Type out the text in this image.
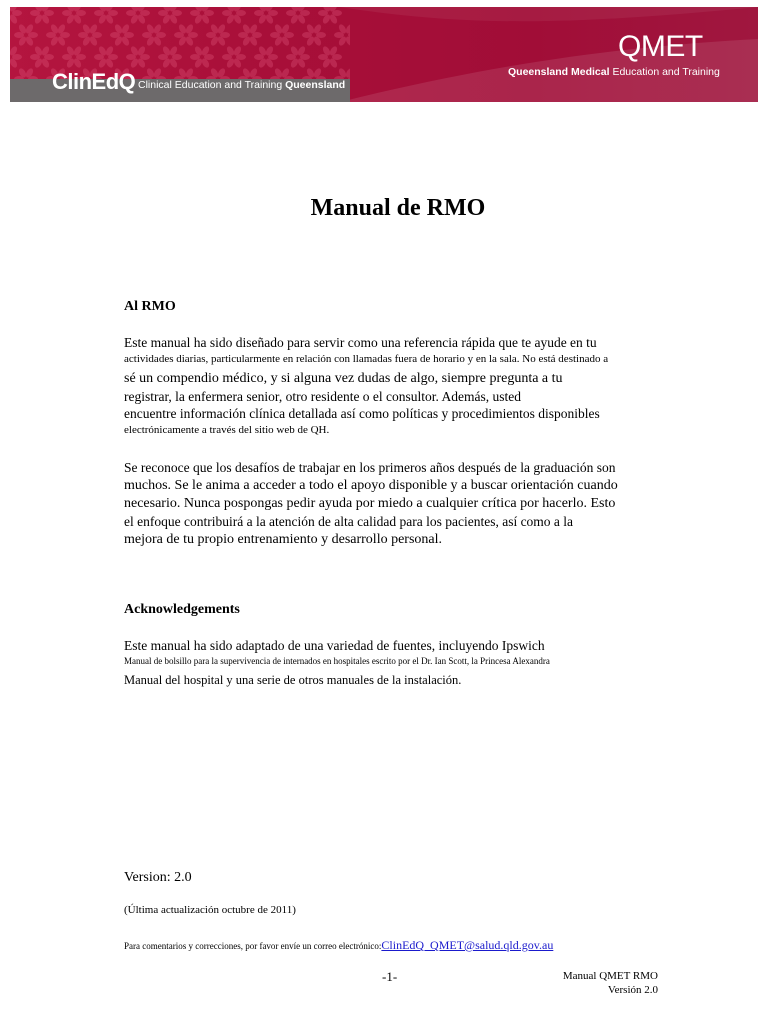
ClinEdQ Clinical Education and Training Queensland
QMET
Queensland Medical Education and Training
Manual de RMO
Al RMO
Este manual ha sido diseñado para servir como una referencia rápida que te ayude en tu
actividades diarias, particularmente en relación con llamadas fuera de horario y en la sala. No está destinado a
sé un compendio médico, y si alguna vez dudas de algo, siempre pregunta a tu
registrar, la enfermera senior, otro residente o el consultor. Además, usted
encuentre información clínica detallada así como políticas y procedimientos disponibles
electrónicamente a través del sitio web de QH.
Se reconoce que los desafíos de trabajar en los primeros años después de la graduación son
muchos. Se le anima a acceder a todo el apoyo disponible y a buscar orientación cuando
necesario. Nunca pospongas pedir ayuda por miedo a cualquier crítica por hacerlo. Esto
el enfoque contribuirá a la atención de alta calidad para los pacientes, así como a la
mejora de tu propio entrenamiento y desarrollo personal.
Acknowledgements
Este manual ha sido adaptado de una variedad de fuentes, incluyendo Ipswich
Manual de bolsillo para la supervivencia de internados en hospitales escrito por el Dr. Ian Scott, la Princesa Alexandra
Manual del hospital y una serie de otros manuales de la instalación.
Version: 2.0
(Última actualización octubre de 2011)
Para comentarios y correcciones, por favor envíe un correo electrónico:ClinEdQ_QMET@salud.qld.gov.au
-1-	Manual QMET RMO
Versión 2.0
